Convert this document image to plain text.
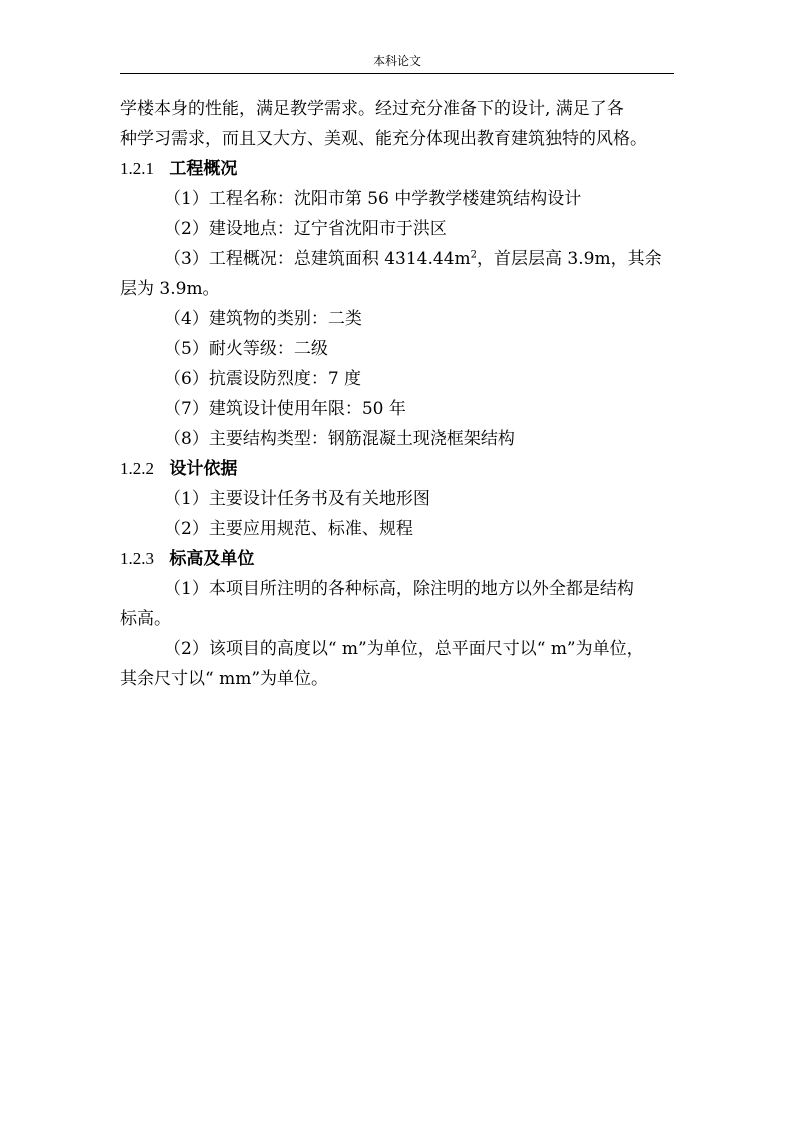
本科论文

学楼本身的性能，满足教学需求。经过充分准备下的设计, 满足了各

种学习需求，而且又大方、美观、能充分体现出教育建筑独特的风格。

1.2.1 工程概况

（1）工程名称：沈阳市第 56 中学教学楼建筑结构设计

（2）建设地点：辽宁省沈阳市于洪区

（3）工程概况：总建筑面积 $4314.44m^2$，首层层高 3.9m，其余

层为 3.9m。

（4）建筑物的类别：二类

（5）耐火等级：二级

（6）抗震设防烈度：7 度

（7）建筑设计使用年限：50 年

（8）主要结构类型：钢筋混凝土现浇框架结构

1.2.2 设计依据

（1）主要设计任务书及有关地形图

（2）主要应用规范、标准、规程

1.2.3 标高及单位

（1）本项目所注明的各种标高，除注明的地方以外全都是结构

标高。

（2）该项目的高度以“ m”为单位，总平面尺寸以“ m”为单位，

其余尺寸以“ mm”为单位。
